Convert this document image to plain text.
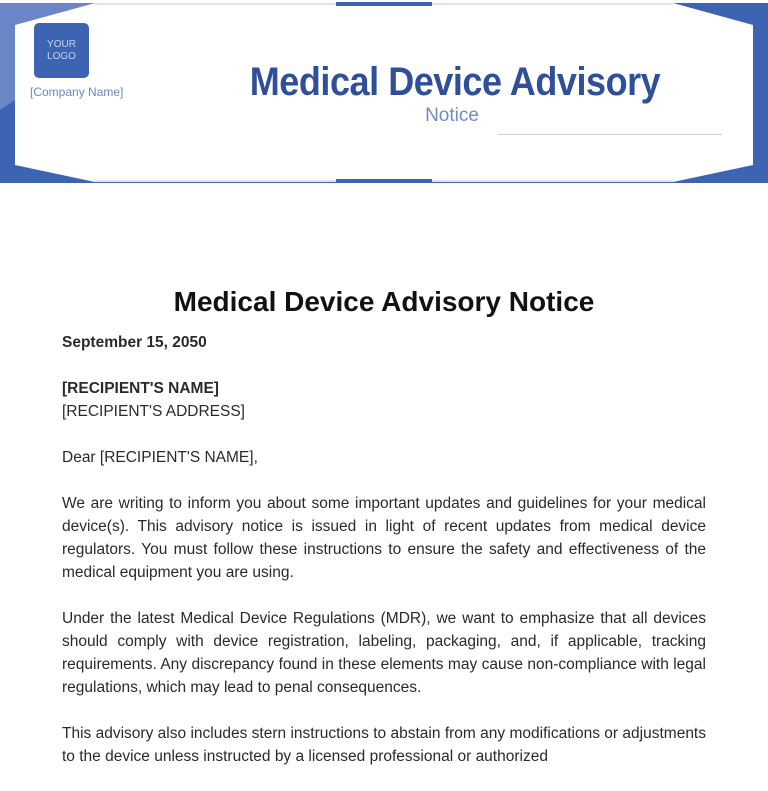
YOUR LOGO
[Company Name]	Medical Device Advisory
Notice
Medical Device Advisory Notice

September 15, 2050

[RECIPIENT'S NAME]

[RECIPIENT'S ADDRESS]

Dear [RECIPIENT'S NAME],

We are writing to inform you about some important updates and guidelines for your medical device(s). This advisory notice is issued in light of recent updates from medical device regulators. You must follow these instructions to ensure the safety and effectiveness of the medical equipment you are using.

Under the latest Medical Device Regulations (MDR), we want to emphasize that all devices should comply with device registration, labeling, packaging, and, if applicable, tracking requirements. Any discrepancy found in these elements may cause non-compliance with legal regulations, which may lead to penal consequences.

This advisory also includes stern instructions to abstain from any modifications or adjustments to the device unless instructed by a licensed professional or authorized
